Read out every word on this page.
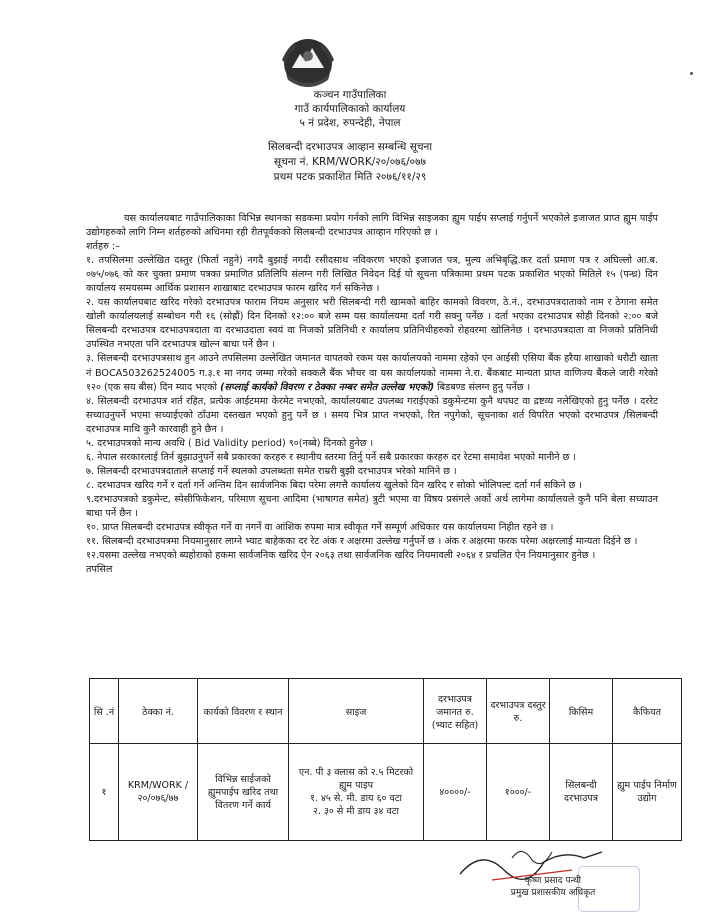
कञ्चन गाउँपालिका
गाउँ कार्यपालिकाको कार्यालय
५ नं प्रदेश, रुपन्देही, नेपाल
सिलबन्दी दरभाउपत्र आव्हान सम्बन्धि सूचना
सूचना नं. KRM/WORK/२०/०७६/०७७
प्रथम पटक प्रकाशित मिति २०७६/११/२९

यस कार्यालयबाट गाउँपालिकाका विभिन्न स्थानका सडकमा प्रयोग गर्नको लागि विभिन्न साइजका ह्युम पाईप सप्लाई गर्नुपर्ने भएकोले इजाजत प्राप्त ह्युम पाईप उद्योगहरुको लागि निम्न शर्तहरुको अधिनमा रही रीतपूर्वकको सिलबन्दी दरभाउपत्र आव्हान गरिएको छ ।

शर्तहरु :–

१. तपसिलमा उल्लेखित दस्तुर (फिर्ता नहुने) नगदै बुझाई नगदी रसीदसाथ नविकरण भएको इजाजत पत्र, मुल्य अभिबृद्धि.कर दर्ता प्रमाण पत्र र अघिल्लो आ.ब. ०७५/०७६ को कर चुक्ता प्रमाण पत्रका प्रमाणित प्रतिलिपि संलग्न गरी लिखित निवेदन दिई यो सूचना पत्रिकामा प्रथम पटक प्रकाशित भएको मितिले १५ (पन्ध्र) दिन कार्यालय समयसम्म आर्थिक प्रशासन शाखाबाट दरभाउपत्र फारम खरिद गर्न सकिनेछ ।

२. यस कार्यालयबाट खरिद गरेको दरभाउपत्र फाराम नियम अनुसार भरी सिलबन्दी गरी खामको बाहिर कामको विवरण, ठे.नं., दरभाउपत्रदाताको नाम र ठेगाना समेत खोली कार्यालयलाई सम्बोधन गरी १६ (सोह्रौं) दिन दिनको १२:०० बजे सम्म यस कार्यालयमा दर्ता गरी सक्नु पर्नेछ । दर्ता भएका दरभाउपत्र सोही दिनको २:०० बजे सिलबन्दी दरभाउपत्र दरभाउपत्रदाता वा दरभाउदाता स्वयं वा निजको प्रतिनिधी र कार्यालय प्रतिनिधीहरुको रोहवरमा खोलिनेछ । दरभाउपत्रदाता वा निजको प्रतिनिधी उपस्थित नभएता पनि दरभाउपत्र खोल्न बाधा पर्ने छैन ।

३. सिलबन्दी दरभाउपत्रसाथ हुन आउने तपसिलमा उल्लेखित जमानत वापतको रकम यस कार्यालयको नाममा रहेको एन आईसी एसिया बैंक हरैया शाखाको धरौटी खाता नं BOCA503262524005 ग.३.१ मा नगद जम्मा गरेको सक्कलै बैंक भौचर वा यस कार्यालयको नाममा ने.रा. बैंकबाट मान्यता प्राप्त वाणिज्य बैंकले जारी गरेको १२० (एक सय बीस) दिन म्याद भएको (सप्लाई कार्यको विवरण र ठेक्का नम्बर समेत उल्लेख भएको) बिडबण्ड संलग्न हुनु पर्नेछ ।

४. सिलबन्दी दरभाउपत्र शर्त रहित, प्रत्येक आईटममा केरमेट नभएको, कार्यालयबाट उपलब्ध गराईएको डकुमेन्टमा कुनै थपघट वा द्रष्टव्य नलेखिएको हुनु पर्नेछ । दररेट सच्याउनुपर्ने भएमा सच्याईएको ठाँउमा दस्तखत भएको हुनु पर्ने छ । समय भित्र प्राप्त नभएको, रित नपुगेको, सूचनाका शर्त विपरित भएको दरभाउपत्र /सिलबन्दी दरभाउपत्र माथि कुनै कारवाही हुने छैन ।

५. दरभाउपत्रको मान्य अवधि ( Bid Validity period) ९०(नब्बे) दिनको हुनेछ ।

६. नेपाल सरकारलाई तिर्न बुझाउनुपर्ने सबै प्रकारका करहरु र स्थानीय स्तरमा तिर्नु पर्ने सबै प्रकारका करहरु दर रेटमा समावेश भएको मानीने छ ।

७. सिलबन्दी दरभाउपत्रदाताले सप्लाई गर्ने स्थलको उपलब्धता समेत राम्ररी बुझी दरभाउपत्र भरेको मानिने छ ।

८. दरभाउपत्र खरिद गर्ने र दर्ता गर्ने अन्तिम दिन सार्वजनिक बिदा परेमा लगत्तै कार्यालय खुलेको दिन खरिद र सोको भोलिपल्ट दर्ता गर्न सकिने छ ।

९.दरभाउपत्रको डकुमेन्ट, स्पेसीफिकेशन, परिमाण सूचना आदिमा (भाषागत समेत) त्रुटी भएमा वा विषय प्रसंगले अर्को अर्थ लागेमा कार्यालयले कुनै पनि बेला सच्याउन बाधा पर्ने छैन ।

१०. प्राप्त सिलबन्दी दरभाउपत्र स्वीकृत गर्ने वा नगर्ने वा आंशिक रुपमा मात्र स्वीकृत गर्ने सम्पूर्ण अधिकार यस कार्यालयमा निहीत रहने छ ।

११. सिलबन्दी दरभाउपत्रमा नियमानुसार लाग्ने भ्याट बाहेकका दर रेट अंक र अक्षरमा उल्लेख गर्नुपर्ने छ । अंक र अक्षरमा फरक परेमा अक्षरलाई मान्यता दिईने छ ।

१२.यसमा उल्लेख नभएको ब्यहोराको हकमा सार्वजनिक खरिद ऐन २०६३ तथा सार्वजनिक खरिद नियमावली २०६४ र प्रचलित ऐन नियमानुसार हुनेछ ।

तपसिल

सि .नं	ठेक्का नं.	कार्यको विवरण र स्थान	साइज	दरभाउपत्र जमानत रु. (भ्याट सहित)	दरभाउपत्र दस्तुर रु.	किसिम	कैफियत
१	KRM/WORK /२०/०७६/७७	विभिन्न साईजको ह्युमपाईप खरिद तथा वितरण गर्ने कार्य	एन. पी ३ क्लास को २.५ मिटरको ह्युम पाइप
१. ४५ से. मी. डाय ६० वटा
२. ३० से मी डाय ३४ वटा	४००००/-	१०००/-	सिलबन्दी दरभाउपत्र	ह्युम पाईप निर्माण उद्योग
कृष्ण प्रसाद पन्थी
प्रमुख प्रशासकीय अधिकृत
